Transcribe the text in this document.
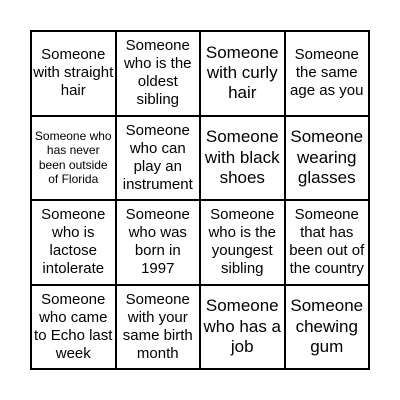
Someone with straight hair
Someone who is the oldest sibling
Someone with curly hair
Someone the same age as you
Someone who has never been outside of Florida
Someone who can play an instrument
Someone with black shoes
Someone wearing glasses
Someone who is lactose intolerate
Someone who was born in 1997
Someone who is the youngest sibling
Someone that has been out of the country
Someone who came to Echo last week
Someone with your same birth month
Someone who has a job
Someone chewing gum
